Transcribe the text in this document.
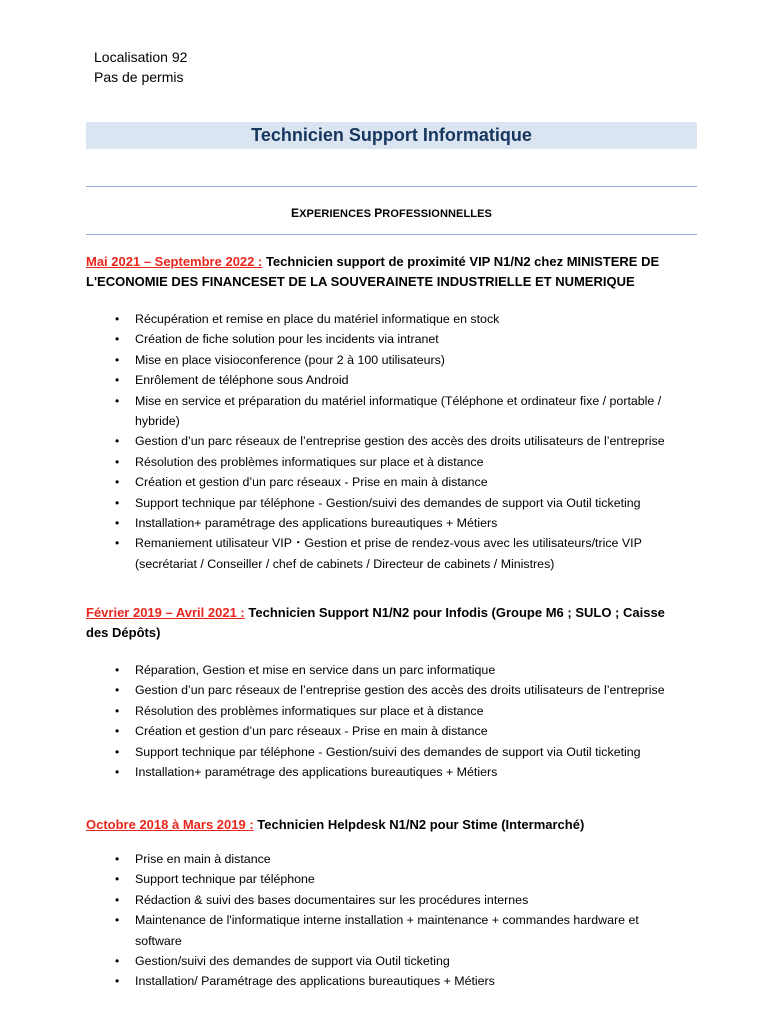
Localisation 92
Pas de permis
Technicien Support Informatique
EXPERIENCES PROFESSIONNELLES
Mai 2021 – Septembre 2022 : Technicien support de proximité VIP N1/N2 chez MINISTERE DE L'ECONOMIE DES FINANCESET DE LA SOUVERAINETE INDUSTRIELLE ET NUMERIQUE
• Récupération et remise en place du matériel informatique en stock
• Création de fiche solution pour les incidents via intranet
• Mise en place visioconference (pour 2 à 100 utilisateurs)
• Enrôlement de téléphone sous Android
• Mise en service et préparation du matériel informatique (Téléphone et ordinateur fixe / portable / hybride)
• Gestion d’un parc réseaux de l’entreprise gestion des accès des droits utilisateurs de l’entreprise
• Résolution des problèmes informatiques sur place et à distance
• Création et gestion d’un parc réseaux - Prise en main à distance
• Support technique par téléphone - Gestion/suivi des demandes de support via Outil ticketing
• Installation+ paramétrage des applications bureautiques + Métiers
• Remaniement utilisateur VIP・Gestion et prise de rendez-vous avec les utilisateurs/trice VIP (secrétariat / Conseiller / chef de cabinets / Directeur de cabinets / Ministres)
Février 2019 – Avril 2021 : Technicien Support N1/N2 pour Infodis (Groupe M6 ; SULO ; Caisse des Dépôts)
• Réparation, Gestion et mise en service dans un parc informatique
• Gestion d’un parc réseaux de l’entreprise gestion des accès des droits utilisateurs de l’entreprise
• Résolution des problèmes informatiques sur place et à distance
• Création et gestion d’un parc réseaux - Prise en main à distance
• Support technique par téléphone - Gestion/suivi des demandes de support via Outil ticketing
• Installation+ paramétrage des applications bureautiques + Métiers
Octobre 2018 à Mars 2019 : Technicien Helpdesk N1/N2 pour Stime (Intermarché)
• Prise en main à distance
• Support technique par téléphone
• Rédaction & suivi des bases documentaires sur les procédures internes
• Maintenance de l'informatique interne installation + maintenance + commandes hardware et software
• Gestion/suivi des demandes de support via Outil ticketing
• Installation/ Paramétrage des applications bureautiques + Métiers
